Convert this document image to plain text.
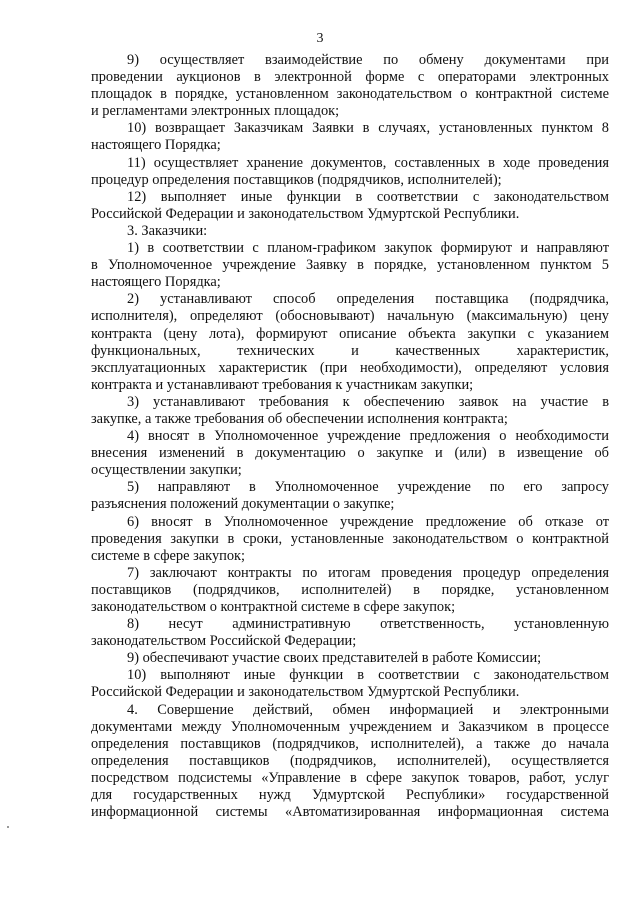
3
9) осуществляет взаимодействие по обмену документами при
проведении аукционов в электронной форме с операторами электронных
площадок в порядке, установленном законодательством о контрактной системе
и регламентами электронных площадок;
10) возвращает Заказчикам Заявки в случаях, установленных пунктом 8
настоящего Порядка;
11) осуществляет хранение документов, составленных в ходе проведения
процедур определения поставщиков (подрядчиков, исполнителей);
12) выполняет иные функции в соответствии с законодательством
Российской Федерации и законодательством Удмуртской Республики.
3. Заказчики:
1) в соответствии с планом-графиком закупок формируют и направляют
в Уполномоченное учреждение Заявку в порядке, установленном пунктом 5
настоящего Порядка;
2) устанавливают способ определения поставщика (подрядчика,
исполнителя), определяют (обосновывают) начальную (максимальную) цену
контракта (цену лота), формируют описание объекта закупки с указанием
функциональных, технических и качественных характеристик,
эксплуатационных характеристик (при необходимости), определяют условия
контракта и устанавливают требования к участникам закупки;
3) устанавливают требования к обеспечению заявок на участие в
закупке, а также требования об обеспечении исполнения контракта;
4) вносят в Уполномоченное учреждение предложения о необходимости
внесения изменений в документацию о закупке и (или) в извещение об
осуществлении закупки;
5) направляют в Уполномоченное учреждение по его запросу
разъяснения положений документации о закупке;
6) вносят в Уполномоченное учреждение предложение об отказе от
проведения закупки в сроки, установленные законодательством о контрактной
системе в сфере закупок;
7) заключают контракты по итогам проведения процедур определения
поставщиков (подрядчиков, исполнителей) в порядке, установленном
законодательством о контрактной системе в сфере закупок;
8) несут административную ответственность, установленную
законодательством Российской Федерации;
9) обеспечивают участие своих представителей в работе Комиссии;
10) выполняют иные функции в соответствии с законодательством
Российской Федерации и законодательством Удмуртской Республики.
4. Совершение действий, обмен информацией и электронными
документами между Уполномоченным учреждением и Заказчиком в процессе
определения поставщиков (подрядчиков, исполнителей), а также до начала
определения поставщиков (подрядчиков, исполнителей), осуществляется
посредством подсистемы «Управление в сфере закупок товаров, работ, услуг
для государственных нужд Удмуртской Республики» государственной
информационной системы «Автоматизированная информационная система
